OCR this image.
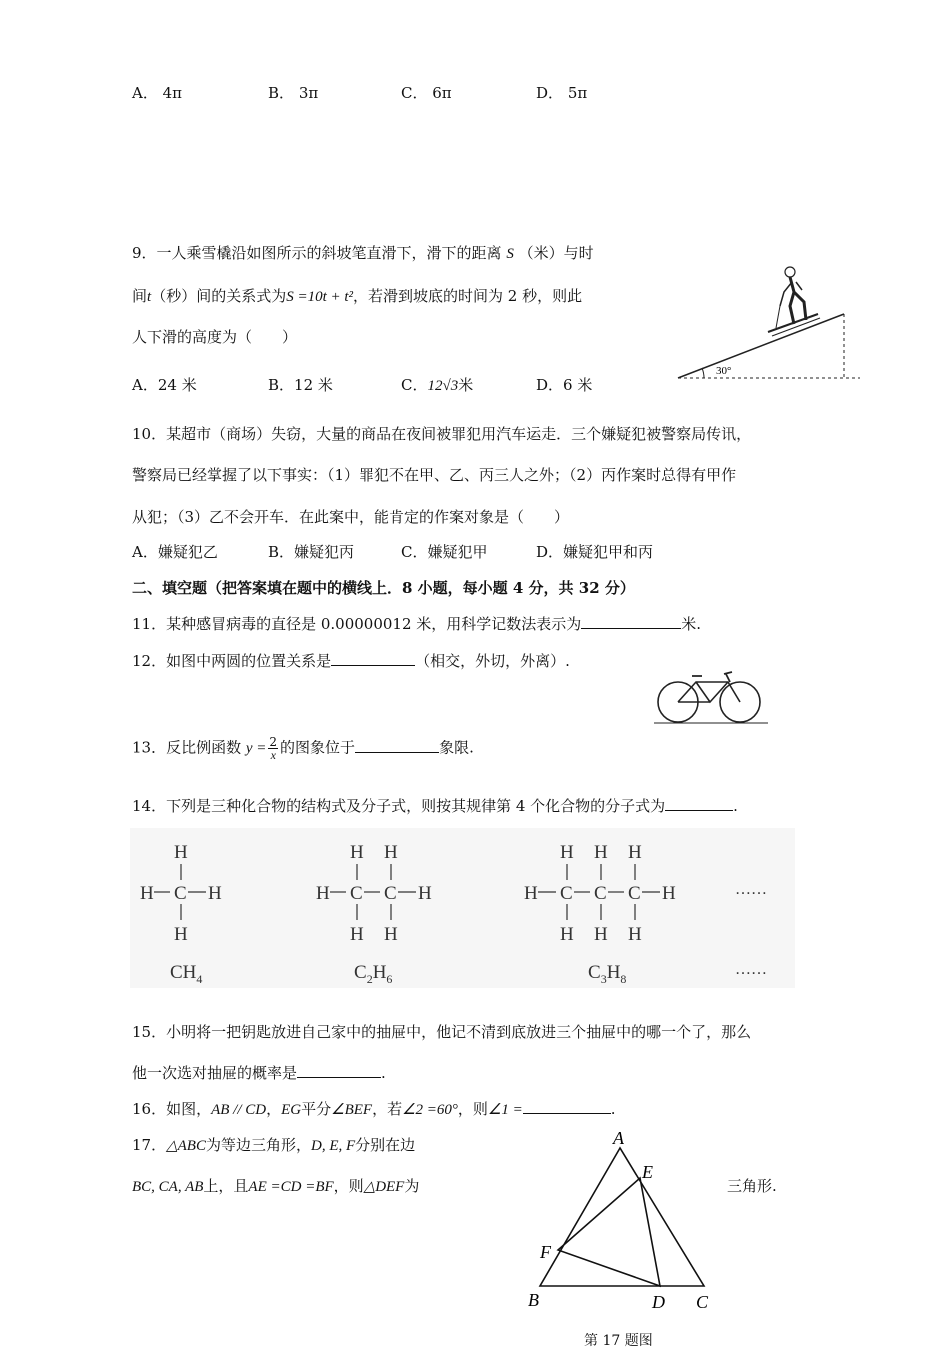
A． 4π	B． 3π	C． 6π	D． 5π
9．一人乘雪橇沿如图所示的斜坡笔直滑下，滑下的距离 S （米）与时
间t（秒）间的关系式为S =10t + t²，若滑到坡底的时间为 2 秒，则此
人下滑的高度为（　　）
A．24 米	B．12 米	C．12√3米	D．6 米
30°
10．某超市（商场）失窃，大量的商品在夜间被罪犯用汽车运走．三个嫌疑犯被警察局传讯，
警察局已经掌握了以下事实：（1）罪犯不在甲、乙、丙三人之外；（2）丙作案时总得有甲作
从犯；（3）乙不会开车．在此案中，能肯定的作案对象是（　　）
A．嫌疑犯乙	B．嫌疑犯丙	C．嫌疑犯甲	D．嫌疑犯甲和丙
二、填空题（把答案填在题中的横线上．8 小题，每小题 4 分，共 32 分）
11．某种感冒病毒的直径是 0.00000012 米，用科学记数法表示为	米.
12．如图中两圆的位置关系是	（相交，外切，外离）.
13．反比例函数 $y = \frac{2}{x}$ 的图象位于	象限.
14．下列是三种化合物的结构式及分子式，则按其规律第 4 个化合物的分子式为	.
H
H C H
H
H H
H C C H
H H
H H H
H C C C H
H H H
……
$CH_4$	$C_2H_6$	$C_3H_8$
……
15．小明将一把钥匙放进自己家中的抽屉中，他记不清到底放进三个抽屉中的哪一个了，那么
他一次选对抽屉的概率是	.
16．如图，AB // CD，EG平分∠BEF，若∠2 =60°，则∠1 =	.
17．△ABC为等边三角形，D, E, F分别在边
BC, CA, AB上，且AE =CD =BF，则△DEF为	三角形.
A
E
F
B	D C
第 17 题图
